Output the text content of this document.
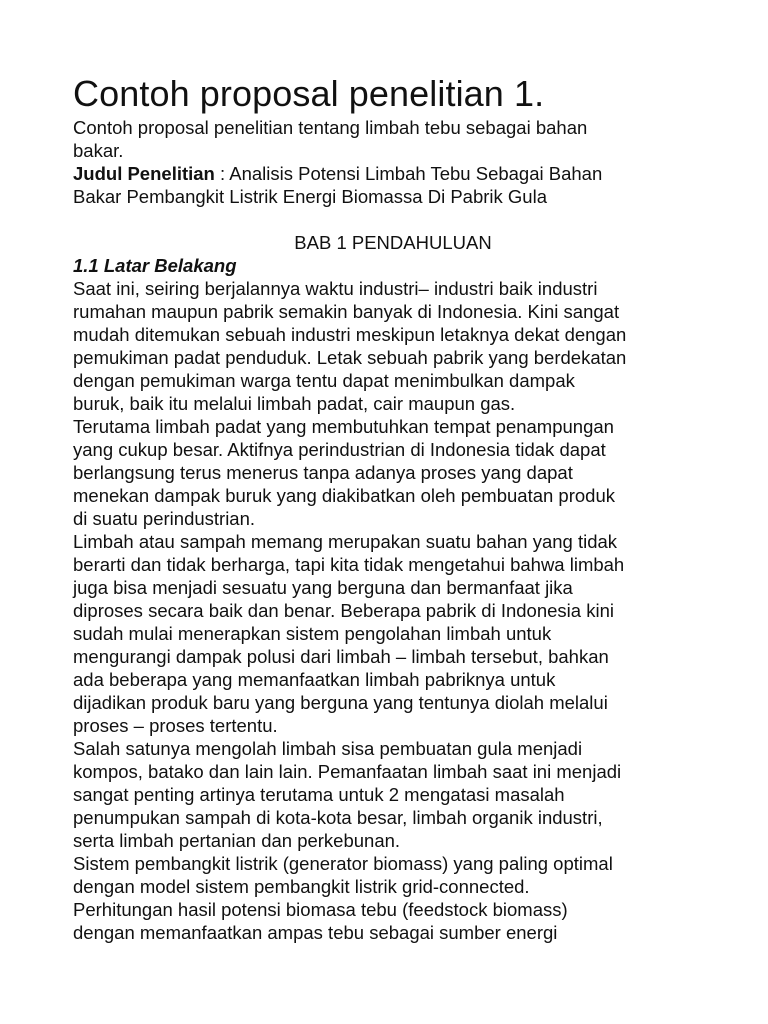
Contoh proposal penelitian 1.

Contoh proposal penelitian tentang limbah tebu sebagai bahan
bakar.

Judul Penelitian : Analisis Potensi Limbah Tebu Sebagai Bahan
Bakar Pembangkit Listrik Energi Biomassa Di Pabrik Gula

BAB 1 PENDAHULUAN

1.1 Latar Belakang

Saat ini, seiring berjalannya waktu industri– industri baik industri
rumahan maupun pabrik semakin banyak di Indonesia. Kini sangat
mudah ditemukan sebuah industri meskipun letaknya dekat dengan
pemukiman padat penduduk. Letak sebuah pabrik yang berdekatan
dengan pemukiman warga tentu dapat menimbulkan dampak
buruk, baik itu melalui limbah padat, cair maupun gas.

Terutama limbah padat yang membutuhkan tempat penampungan
yang cukup besar. Aktifnya perindustrian di Indonesia tidak dapat
berlangsung terus menerus tanpa adanya proses yang dapat
menekan dampak buruk yang diakibatkan oleh pembuatan produk
di suatu perindustrian.

Limbah atau sampah memang merupakan suatu bahan yang tidak
berarti dan tidak berharga, tapi kita tidak mengetahui bahwa limbah
juga bisa menjadi sesuatu yang berguna dan bermanfaat jika
diproses secara baik dan benar. Beberapa pabrik di Indonesia kini
sudah mulai menerapkan sistem pengolahan limbah untuk
mengurangi dampak polusi dari limbah – limbah tersebut, bahkan
ada beberapa yang memanfaatkan limbah pabriknya untuk
dijadikan produk baru yang berguna yang tentunya diolah melalui
proses – proses tertentu.

Salah satunya mengolah limbah sisa pembuatan gula menjadi
kompos, batako dan lain lain. Pemanfaatan limbah saat ini menjadi
sangat penting artinya terutama untuk 2 mengatasi masalah
penumpukan sampah di kota-kota besar, limbah organik industri,
serta limbah pertanian dan perkebunan.

Sistem pembangkit listrik (generator biomass) yang paling optimal
dengan model sistem pembangkit listrik grid-connected.

Perhitungan hasil potensi biomasa tebu (feedstock biomass)
dengan memanfaatkan ampas tebu sebagai sumber energi
